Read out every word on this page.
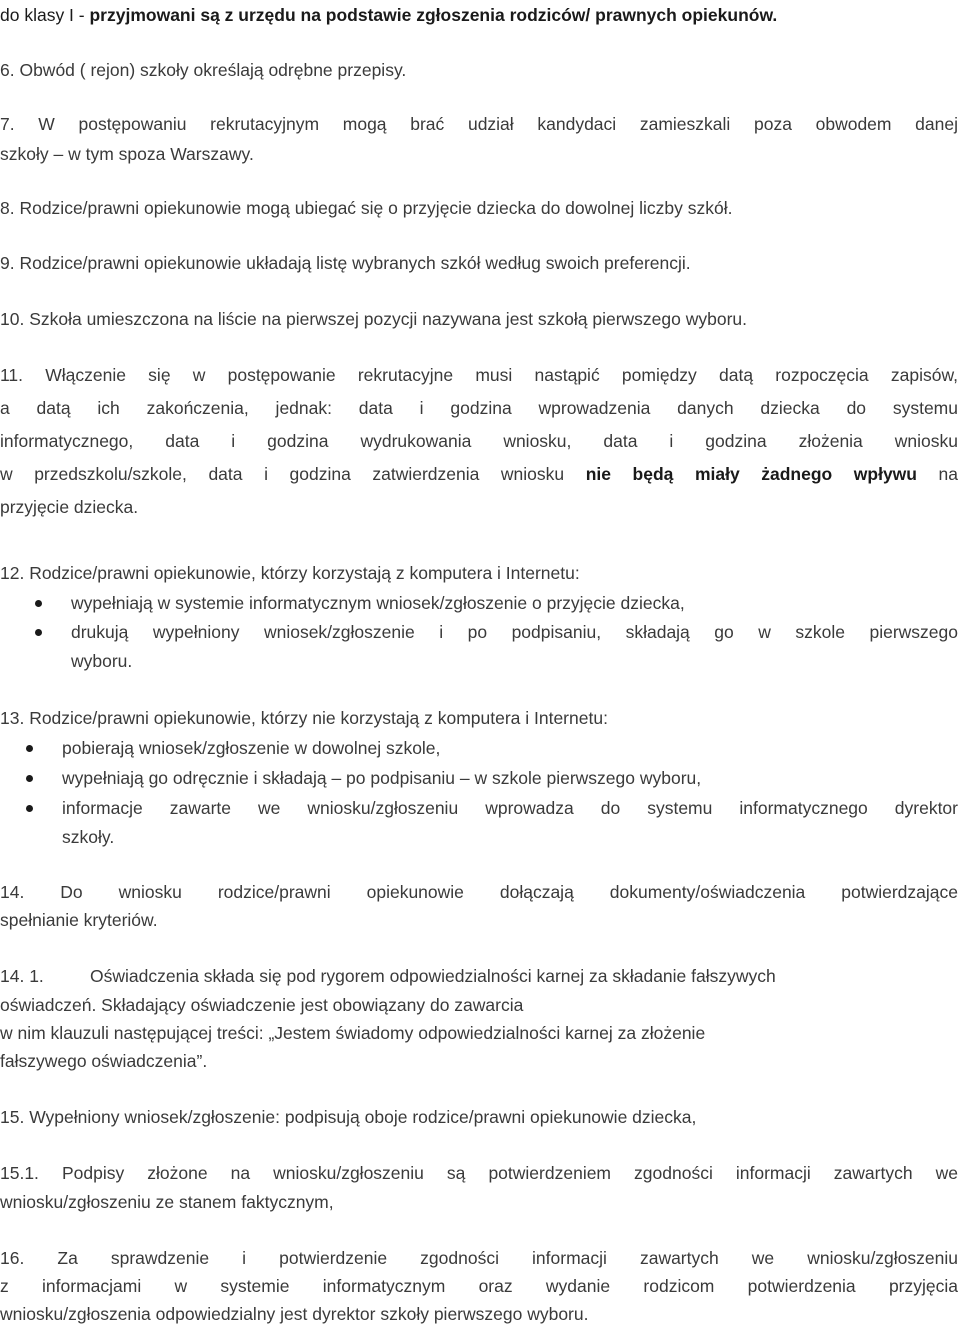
do klasy I - przyjmowani są z urzędu na podstawie zgłoszenia rodziców/ prawnych opiekunów.
6. Obwód ( rejon) szkoły określają odrębne przepisy.
7. W postępowaniu rekrutacyjnym mogą brać udział kandydaci zamieszkali poza obwodem danej
szkoły – w tym spoza Warszawy.
8. Rodzice/prawni opiekunowie mogą ubiegać się o przyjęcie dziecka do dowolnej liczby szkół.
9. Rodzice/prawni opiekunowie układają listę wybranych szkół według swoich preferencji.
10. Szkoła umieszczona na liście na pierwszej pozycji nazywana jest szkołą pierwszego wyboru.
11. Włączenie się w postępowanie rekrutacyjne musi nastąpić pomiędzy datą rozpoczęcia zapisów,
a datą ich zakończenia, jednak: data i godzina wprowadzenia danych dziecka do systemu
informatycznego, data i godzina wydrukowania wniosku, data i godzina złożenia wniosku
w przedszkolu/szkole, data i godzina zatwierdzenia wniosku nie będą miały żadnego wpływu na
przyjęcie dziecka.
12. Rodzice/prawni opiekunowie, którzy korzystają z komputera i Internetu:
wypełniają w systemie informatycznym wniosek/zgłoszenie o przyjęcie dziecka,
drukują wypełniony wniosek/zgłoszenie i po podpisaniu, składają go w szkole pierwszego
wyboru.
13. Rodzice/prawni opiekunowie, którzy nie korzystają z komputera i Internetu:
pobierają wniosek/zgłoszenie w dowolnej szkole,
wypełniają go odręcznie i składają – po podpisaniu – w szkole pierwszego wyboru,
informacje zawarte we wniosku/zgłoszeniu wprowadza do systemu informatycznego dyrektor
szkoły.
14. Do wniosku rodzice/prawni opiekunowie dołączają dokumenty/oświadczenia potwierdzające
spełnianie kryteriów.
14. 1.	Oświadczenia składa się pod rygorem odpowiedzialności karnej za składanie fałszywych
oświadczeń. Składający oświadczenie jest obowiązany do zawarcia
w nim klauzuli następującej treści: „Jestem świadomy odpowiedzialności karnej za złożenie
fałszywego oświadczenia”.
15. Wypełniony wniosek/zgłoszenie: podpisują oboje rodzice/prawni opiekunowie dziecka,
15.1. Podpisy złożone na wniosku/zgłoszeniu są potwierdzeniem zgodności informacji zawartych we
wniosku/zgłoszeniu ze stanem faktycznym,
16. Za sprawdzenie i potwierdzenie zgodności informacji zawartych we wniosku/zgłoszeniu
z informacjami w systemie informatycznym oraz wydanie rodzicom potwierdzenia przyjęcia
wniosku/zgłoszenia odpowiedzialny jest dyrektor szkoły pierwszego wyboru.
